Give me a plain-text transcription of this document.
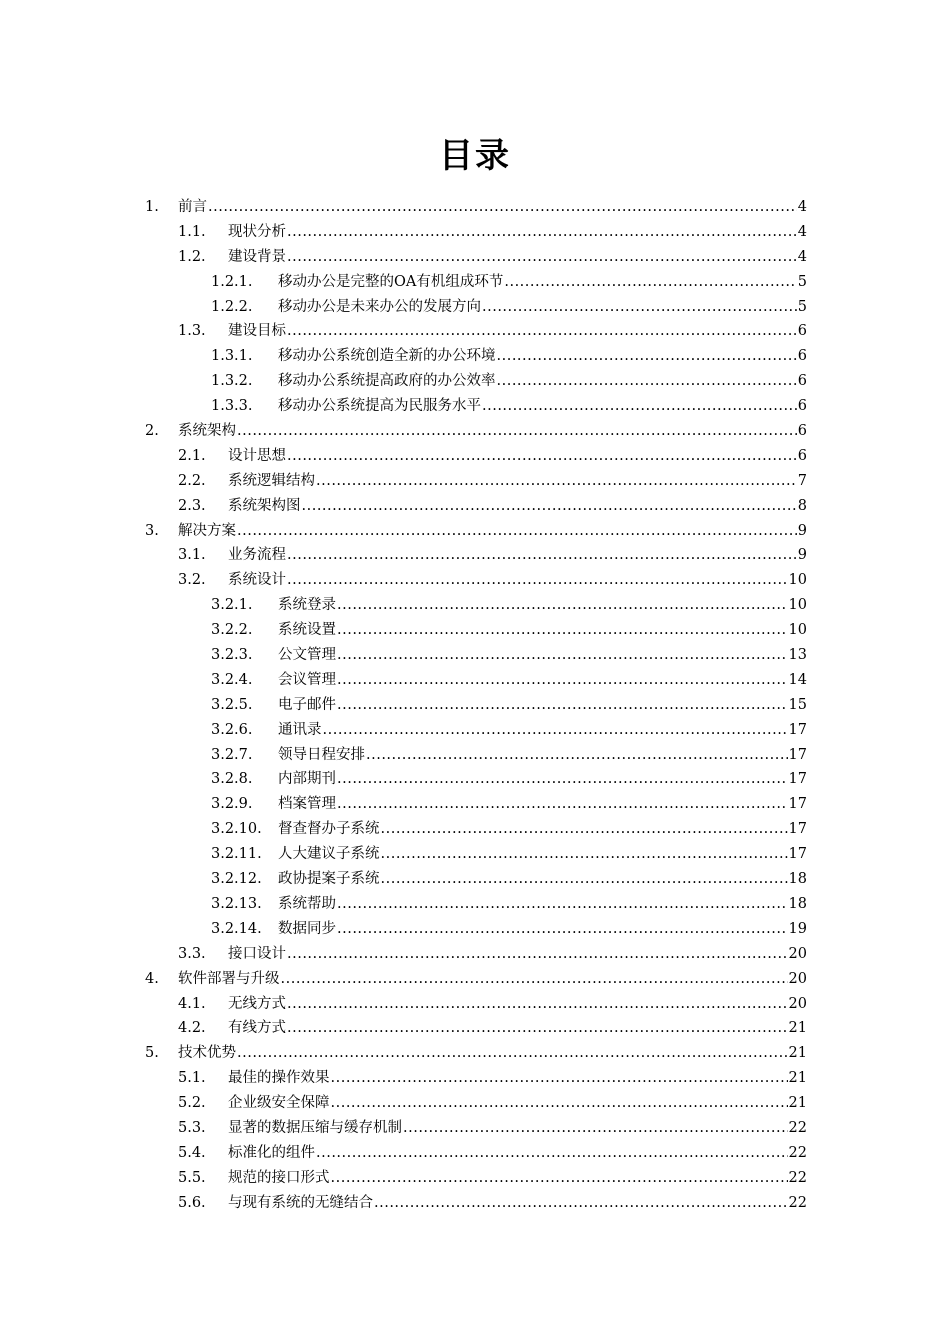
目录
1. 前言 .....	4
1.1. 现状分析 .....	4
1.2. 建设背景 .....	4
1.2.1. 移动办公是完整的OA有机组成环节 .....	5
1.2.2. 移动办公是未来办公的发展方向 .....	5
1.3. 建设目标 .....	6
1.3.1. 移动办公系统创造全新的办公环境 .....	6
1.3.2. 移动办公系统提高政府的办公效率 .....	6
1.3.3. 移动办公系统提高为民服务水平 .....	6
2. 系统架构 .....	6
2.1. 设计思想 .....	6
2.2. 系统逻辑结构 .....	7
2.3. 系统架构图 .....	8
3. 解决方案 .....	9
3.1. 业务流程 .....	9
3.2. 系统设计 .....	10
3.2.1. 系统登录 .....	10
3.2.2. 系统设置 .....	10
3.2.3. 公文管理 .....	13
3.2.4. 会议管理 .....	14
3.2.5. 电子邮件 .....	15
3.2.6. 通讯录 .....	17
3.2.7. 领导日程安排 .....	17
3.2.8. 内部期刊 .....	17
3.2.9. 档案管理 .....	17
3.2.10. 督查督办子系统 .....	17
3.2.11. 人大建议子系统 .....	17
3.2.12. 政协提案子系统 .....	18
3.2.13. 系统帮助 .....	18
3.2.14. 数据同步 .....	19
3.3. 接口设计 .....	20
4. 软件部署与升级 .....	20
4.1. 无线方式 .....	20
4.2. 有线方式 .....	21
5. 技术优势 .....	21
5.1. 最佳的操作效果 .....	21
5.2. 企业级安全保障 .....	21
5.3. 显著的数据压缩与缓存机制 .....	22
5.4. 标准化的组件 .....	22
5.5. 规范的接口形式 .....	22
5.6. 与现有系统的无缝结合 .....	22
